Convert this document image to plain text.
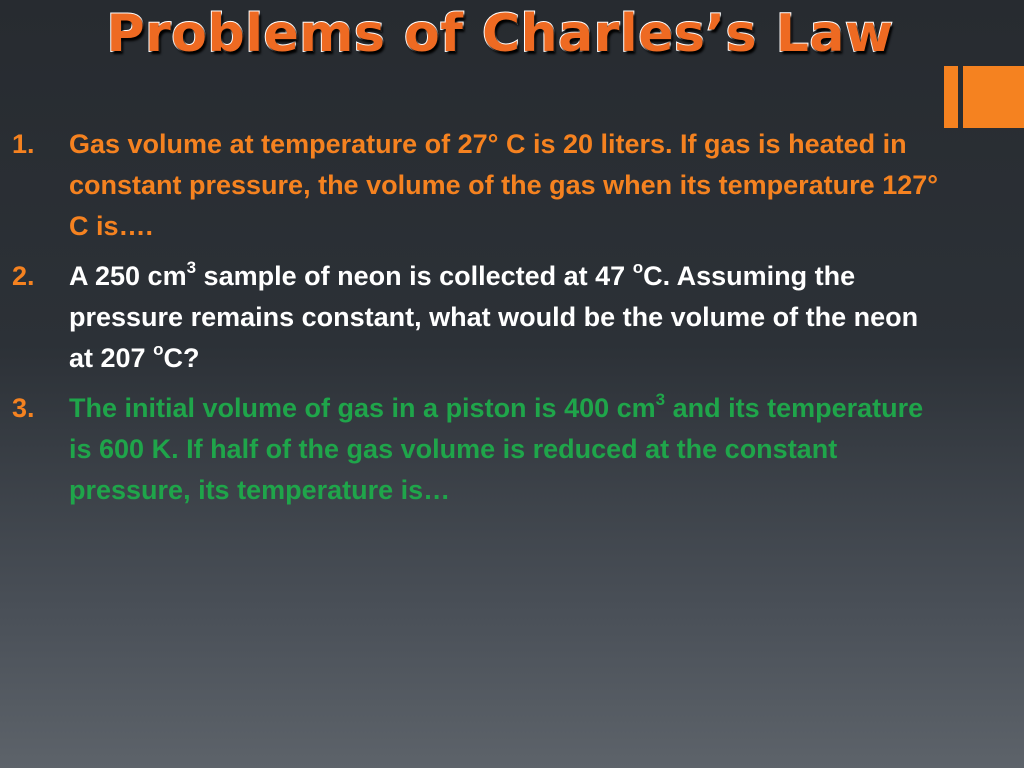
Problems of Charles’s Law
1. Gas volume at temperature of 27° C is 20 liters. If gas is heated in constant pressure, the volume of the gas when its temperature 127° C is….
2. A 250 $cm^3$ sample of neon is collected at 47 $^o$C. Assuming the pressure remains constant, what would be the volume of the neon at 207 $^o$C?
3. The initial volume of gas in a piston is 400 $cm^3$ and its temperature is 600 K. If half of the gas volume is reduced at the constant pressure, its temperature is…
